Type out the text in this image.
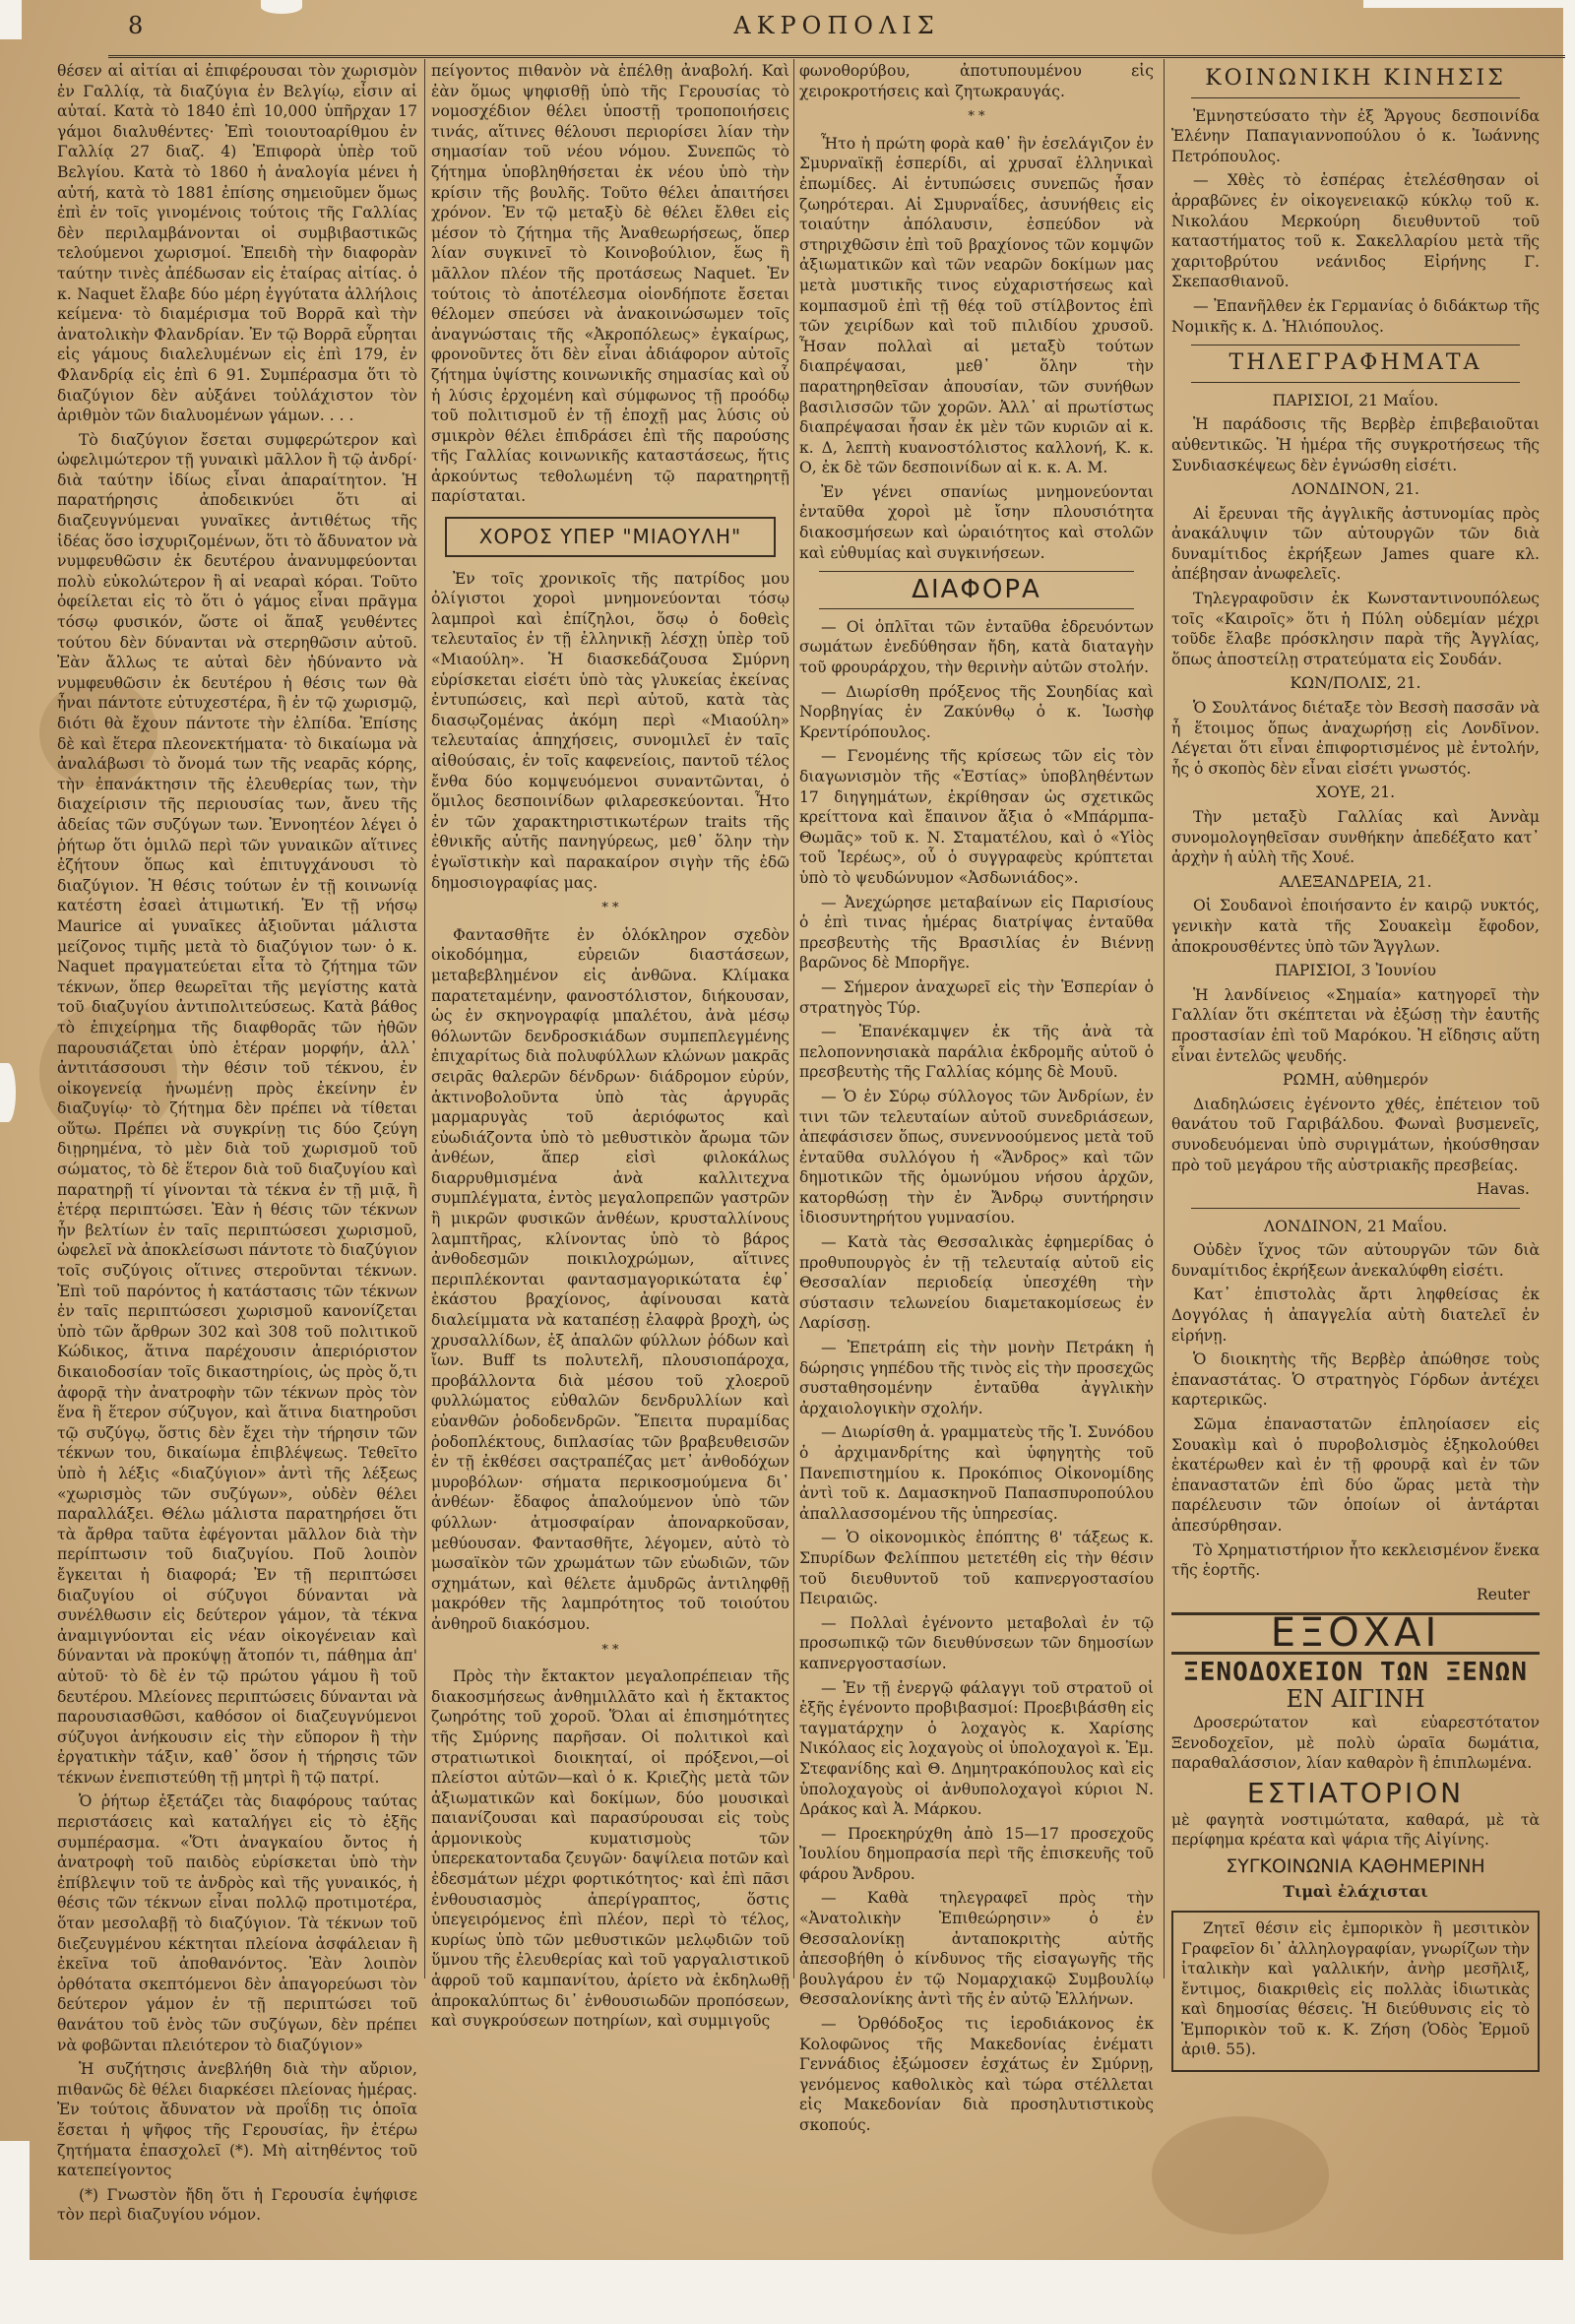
8	ΑΚΡΟΠΟΛΙΣ

θέσεν αἱ αἰτίαι αἱ ἐπιφέρουσαι τὸν χωρισμὸν ἐν Γαλλίᾳ, τὰ διαζύγια ἐν Βελγίῳ, εἶσιν αἱ αὐταί. Κατὰ τὸ 1840 ἐπὶ 10,000 ὑπῆρχαν 17 γάμοι διαλυθέντες· Ἐπὶ τοιουτοαρίθμου ἐν Γαλλίᾳ 27 διαζ. 4) Ἐπιφορὰ ὑπὲρ τοῦ Βελγίου. Κατὰ τὸ 1860 ἡ ἀναλογία μένει ἡ αὐτή, κατὰ τὸ 1881 ἐπίσης σημειοῦμεν ὅμως ἐπὶ ἐν τοῖς γινομένοις τούτοις τῆς Γαλλίας δὲν περιλαμβάνονται οἱ συμβιβαστικῶς τελούμενοι χωρισμοί. Ἐπειδὴ τὴν διαφορὰν ταύτην τινὲς ἀπέδωσαν εἰς ἑταίρας αἰτίας. ὁ κ. Naquet ἔλαβε δύο μέρη ἐγγύτατα ἀλλήλοις κείμενα· τὸ διαμέρισμα τοῦ Βορρᾶ καὶ τὴν ἀνατολικὴν Φλανδρίαν. Ἐν τῷ Βορρᾶ εὗρηται εἰς γάμους διαλελυμένων εἰς ἐπὶ 179, ἐν Φλανδρίᾳ εἰς ἐπὶ 6 91. Συμπέρασμα ὅτι τὸ διαζύγιον δὲν αὐξάνει τοὐλάχιστον τὸν ἀριθμὸν τῶν διαλυομένων γάμων. . . .

Τὸ διαζύγιον ἔσεται συμφερώτερον καὶ ὠφελιμώτερον τῇ γυναικὶ μᾶλλον ἢ τῷ ἀνδρί· διὰ ταύτην ἰδίως εἶναι ἀπαραίτητον. Ἡ παρατήρησις ἀποδεικνύει ὅτι αἱ διαζευγνύμεναι γυναῖκες ἀντιθέτως τῆς ἰδέας ὅσο ἰσχυριζομένων, ὅτι τὸ ἄδυνατον νὰ νυμφευθῶσιν ἐκ δευτέρου ἀνανυμφεύονται πολὺ εὐκολώτερον ἢ αἱ νεαραὶ κόραι. Τοῦτο ὀφείλεται εἰς τὸ ὅτι ὁ γάμος εἶναι πρᾶγμα τόσῳ φυσικόν, ὥστε οἱ ἅπαξ γευθέντες τούτου δὲν δύνανται νὰ στερηθῶσιν αὐτοῦ. Ἐὰν ἄλλως τε αὐταὶ δὲν ἠδύναντο νὰ νυμφευθῶσιν ἐκ δευτέρου ἡ θέσις των θὰ ἦναι πάντοτε εὐτυχεστέρα, ἢ ἐν τῷ χωρισμῷ, διότι θὰ ἔχουν πάντοτε τὴν ἐλπίδα. Ἐπίσης δὲ καὶ ἕτερα πλεονεκτήματα· τὸ δικαίωμα νὰ ἀναλάβωσι τὸ ὄνομά των τῆς νεαρᾶς κόρης, τὴν ἐπανάκτησιν τῆς ἐλευθερίας των, τὴν διαχείρισιν τῆς περιουσίας των, ἄνευ τῆς ἀδείας τῶν συζύγων των. Ἐννοητέον λέγει ὁ ῥήτωρ ὅτι ὁμιλῶ περὶ τῶν γυναικῶν αἵτινες ἐζήτουν ὅπως καὶ ἐπιτυγχάνουσι τὸ διαζύγιον. Ἡ θέσις τούτων ἐν τῇ κοινωνίᾳ κατέστη ἐσαεὶ ἀτιμωτική. Ἐν τῇ νήσῳ Maurice αἱ γυναῖκες ἀξιοῦνται μάλιστα μείζονος τιμῆς μετὰ τὸ διαζύγιον των· ὁ κ. Naquet πραγματεύεται εἶτα τὸ ζήτημα τῶν τέκνων, ὅπερ θεωρεῖται τῆς μεγίστης κατὰ τοῦ διαζυγίου ἀντιπολιτεύσεως. Κατὰ βάθος τὸ ἐπιχείρημα τῆς διαφθορᾶς τῶν ἠθῶν παρουσιάζεται ὑπὸ ἑτέραν μορφήν, ἀλλ᾽ ἀντιτάσσουσι τὴν θέσιν τοῦ τέκνου, ἐν οἰκογενείᾳ ἡνωμένῃ πρὸς ἐκείνην ἐν διαζυγίῳ· τὸ ζήτημα δὲν πρέπει νὰ τίθεται οὕτω. Πρέπει νὰ συγκρίνῃ τις δύο ζεύγη διῃρημένα, τὸ μὲν διὰ τοῦ χωρισμοῦ τοῦ σώματος, τὸ δὲ ἕτερον διὰ τοῦ διαζυγίου καὶ παρατηρῇ τί γίνονται τὰ τέκνα ἐν τῇ μιᾷ, ἢ ἑτέρᾳ περιπτώσει. Ἐὰν ἡ θέσις τῶν τέκνων ἦν βελτίων ἐν ταῖς περιπτώσεσι χωρισμοῦ, ὠφελεῖ νὰ ἀποκλείσωσι πάντοτε τὸ διαζύγιον τοῖς συζύγοις οἵτινες στεροῦνται τέκνων. Ἐπὶ τοῦ παρόντος ἡ κατάστασις τῶν τέκνων ἐν ταῖς περιπτώσεσι χωρισμοῦ κανονίζεται ὑπὸ τῶν ἄρθρων 302 καὶ 308 τοῦ πολιτικοῦ Κώδικος, ἅτινα παρέχουσιν ἀπεριόριστον δικαιοδοσίαν τοῖς δικαστηρίοις, ὡς πρὸς ὅ,τι ἀφορᾷ τὴν ἀνατροφὴν τῶν τέκνων πρὸς τὸν ἕνα ἢ ἕτερον σύζυγον, καὶ ἅτινα διατηροῦσι τῷ συζύγῳ, ὅστις δὲν ἔχει τὴν τήρησιν τῶν τέκνων του, δικαίωμα ἐπιβλέψεως. Τεθεῖτο ὑπὸ ἡ λέξις «διαζύγιον» ἀντὶ τῆς λέξεως «χωρισμὸς τῶν συζύγων», οὐδὲν θέλει παραλλάξει. Θέλω μάλιστα παρατηρήσει ὅτι τὰ ἄρθρα ταῦτα ἐφέγονται μᾶλλον διὰ τὴν περίπτωσιν τοῦ διαζυγίου. Ποῦ λοιπὸν ἔγκειται ἡ διαφορά; Ἐν τῇ περιπτώσει διαζυγίου οἱ σύζυγοι δύνανται νὰ συνέλθωσιν εἰς δεύτερον γάμον, τὰ τέκνα ἀναμιγνύονται εἰς νέαν οἰκογένειαν καὶ δύνανται νὰ προκύψῃ ἄτοπόν τι, πάθημα ἀπ' αὐτοῦ· τὸ δὲ ἐν τῷ πρώτου γάμου ἢ τοῦ δευτέρου. Μλείονες περιπτώσεις δύνανται νὰ παρουσιασθῶσι, καθόσον οἱ διαζευγνύμενοι σύζυγοι ἀνήκουσιν εἰς τὴν εὔπορον ἢ τὴν ἐργατικὴν τάξιν, καθ᾽ ὅσον ἡ τήρησις τῶν τέκνων ἐνεπιστεύθη τῇ μητρὶ ἢ τῷ πατρί.

Ὁ ῥήτωρ ἐξετάζει τὰς διαφόρους ταύτας περιστάσεις καὶ καταλήγει εἰς τὸ ἑξῆς συμπέρασμα. «Ὅτι ἀναγκαίου ὄντος ἡ ἀνατροφὴ τοῦ παιδὸς εὐρίσκεται ὑπὸ τὴν ἐπίβλεψιν τοῦ τε ἀνδρὸς καὶ τῆς γυναικός, ἡ θέσις τῶν τέκνων εἶναι πολλῷ προτιμοτέρα, ὅταν μεσολαβῇ τὸ διαζύγιον. Τὰ τέκνων τοῦ διεζευγμένου κέκτηται πλείονα ἀσφάλειαν ἢ ἐκεῖνα τοῦ ἀποθανόντος. Ἐὰν λοιπὸν ὀρθότατα σκεπτόμενοι δὲν ἀπαγορεύωσι τὸν δεύτερον γάμον ἐν τῇ περιπτώσει τοῦ θανάτου τοῦ ἑνὸς τῶν συζύγων, δὲν πρέπει νὰ φοβῶνται πλειότερον τὸ διαζύγιον»

Ἡ συζήτησις ἀνεβλήθη διὰ τὴν αὔριον, πιθανῶς δὲ θέλει διαρκέσει πλείονας ἡμέρας. Ἐν τούτοις ἄδυνατον νὰ προΐδῃ τις ὁποῖα ἔσεται ἡ ψῆφος τῆς Γερουσίας, ἣν ἐτέρω ζητήματα ἐπασχολεῖ (*). Μὴ αἰτηθέντος τοῦ κατεπείγοντος

(*) Γνωστὸν ἤδη ὅτι ἡ Γερουσία ἐψήφισε τὸν περὶ διαζυγίου νόμον.

πείγοντος πιθανὸν νὰ ἐπέλθῃ ἀναβολή. Καὶ ἐὰν ὅμως ψηφισθῇ ὑπὸ τῆς Γερουσίας τὸ νομοσχέδιον θέλει ὑποστῇ τροποποιήσεις τινάς, αἵτινες θέλουσι περιορίσει λίαν τὴν σημασίαν τοῦ νέου νόμου. Συνεπῶς τὸ ζήτημα ὑποβληθήσεται ἐκ νέου ὑπὸ τὴν κρίσιν τῆς βουλῆς. Τοῦτο θέλει ἀπαιτήσει χρόνον. Ἐν τῷ μεταξὺ δὲ θέλει ἔλθει εἰς μέσον τὸ ζήτημα τῆς Ἀναθεωρήσεως, ὅπερ λίαν συγκινεῖ τὸ Κοινοβούλιον, ἕως ἢ μᾶλλον πλέον τῆς προτάσεως Naquet. Ἐν τούτοις τὸ ἀποτέλεσμα οἱονδήποτε ἔσεται θέλομεν σπεύσει νὰ ἀνακοινώσωμεν τοῖς ἀναγνώσταις τῆς «Ἀκροπόλεως» ἐγκαίρως, φρονοῦντες ὅτι δὲν εἶναι ἀδιάφορον αὐτοῖς ζήτημα ὑψίστης κοινωνικῆς σημασίας καὶ οὗ ἡ λύσις ἐρχομένη καὶ σύμφωνος τῇ προόδῳ τοῦ πολιτισμοῦ ἐν τῇ ἐποχῇ μας λύσις οὐ σμικρὸν θέλει ἐπιδράσει ἐπὶ τῆς παρούσης τῆς Γαλλίας κοινωνικῆς καταστάσεως, ἥτις ἀρκούντως τεθολωμένη τῷ παρατηρητῇ παρίσταται.

ΧΟΡΟΣ ΥΠΕΡ "ΜΙΑΟΥΛΗ"

Ἐν τοῖς χρονικοῖς τῆς πατρίδος μου ὀλίγιστοι χοροὶ μνημονεύονται τόσῳ λαμπροὶ καὶ ἐπίζηλοι, ὅσῳ ὁ δοθεὶς τελευταῖος ἐν τῇ ἑλληνικῇ λέσχῃ ὑπὲρ τοῦ «Μιαούλη». Ἡ διασκεδάζουσα Σμύρνη εὑρίσκεται εἰσέτι ὑπὸ τὰς γλυκείας ἐκείνας ἐντυπώσεις, καὶ περὶ αὐτοῦ, κατὰ τὰς διασῳζομένας ἀκόμη περὶ «Μιαούλη» τελευταίας ἀπηχήσεις, συνομιλεῖ ἐν ταῖς αἰθούσαις, ἐν τοῖς καφενείοις, παντοῦ τέλος ἔνθα δύο κομψευόμενοι συναντῶνται, ὁ ὅμιλος δεσποινίδων φιλαρεσκεύονται. Ἦτο ἐν τῶν χαρακτηριστικωτέρων traits τῆς ἐθνικῆς αὐτῆς πανηγύρεως, μεθ᾽ ὅλην τὴν ἐγωϊστικὴν καὶ παρακαίρον σιγὴν τῆς ἐδῶ δημοσιογραφίας μας.

* *

Φαντασθῆτε ἐν ὁλόκληρον σχεδὸν οἰκοδόμημα, εὐρειῶν διαστάσεων, μεταβεβλημένον εἰς ἀνθῶνα. Κλίμακα παρατεταμένην, φανοστόλιστον, διήκουσαν, ὡς ἐν σκηνογραφίᾳ μπαλέτου, ἀνὰ μέσῳ θόλωντῶν δενδροσκιάδων συμπεπλεγμένης ἐπιχαρίτως διὰ πολυφύλλων κλώνων μακρᾶς σειρᾶς θαλερῶν δένδρων· διάδρομον εὐρύν, ἀκτινοβολοῦντα ὑπὸ τὰς ἀργυρᾶς μαρμαρυγὰς τοῦ ἀεριόφωτος καὶ εὐωδιάζοντα ὑπὸ τὸ μεθυστικὸν ἄρωμα τῶν ἀνθέων, ἅπερ εἰσὶ φιλοκάλως διαρρυθμισμένα ἀνὰ καλλιτεχνα συμπλέγματα, ἐντὸς μεγαλοπρεπῶν γαστρῶν ἢ μικρῶν φυσικῶν ἀνθέων, κρυσταλλίνους λαμπτῆρας, κλίνοντας ὑπὸ τὸ βάρος ἀνθοδεσμῶν ποικιλοχρώμων, αἵτινες περιπλέκονται φαντασμαγορικώτατα ἐφ᾽ ἑκάστου βραχίονος, ἀφίνουσαι κατὰ διαλείμματα νὰ καταπέσῃ ἐλαφρὰ βροχὴ, ὡς χρυσαλλίδων, ἐξ ἁπαλῶν φύλλων ῥόδων καὶ ἴων. Buff ts πολυτελῆ, πλουσιοπάροχα, προβάλλοντα διὰ μέσου τοῦ χλοεροῦ φυλλώματος εὐθαλῶν δενδρυλλίων καὶ εὐανθῶν ῥοδοδενδρῶν. Ἔπειτα πυραμίδας ῥοδοπλέκτους, διπλασίας τῶν βραβευθεισῶν ἐν τῇ ἐκθέσει σαςτραπέζας μετ᾽ ἀνθοδόχων μυροβόλων· σήματα περικοσμούμενα δι᾽ ἀνθέων· ἔδαφος ἁπαλούμενον ὑπὸ τῶν φύλλων· ἀτμοσφαίραν ἀποναρκοῦσαν, μεθύουσαν. Φαντασθῆτε, λέγομεν, αὐτὸ τὸ μωσαϊκὸν τῶν χρωμάτων τῶν εὐωδιῶν, τῶν σχημάτων, καὶ θέλετε ἀμυδρῶς ἀντιληφθῇ μακρόθεν τῆς λαμπρότητος τοῦ τοιούτου ἀνθηροῦ διακόσμου.

* *

Πρὸς τὴν ἔκτακτον μεγαλοπρέπειαν τῆς διακοσμήσεως ἀνθημιλλᾶτο καὶ ἡ ἔκτακτος ζωηρότης τοῦ χοροῦ. Ὅλαι αἱ ἐπισημότητες τῆς Σμύρνης παρῆσαν. Οἱ πολιτικοὶ καὶ στρατιωτικοὶ διοικηταί, οἱ πρόξενοι,—οἱ πλείστοι αὐτῶν—καὶ ὁ κ. Κριεζὴς μετὰ τῶν ἀξιωματικῶν καὶ δοκίμων, δύο μουσικαὶ παιανίζουσαι καὶ παρασύρουσαι εἰς τοὺς ἁρμονικοὺς κυματισμοὺς τῶν ὑπερεκατονταδα ζευγῶν· δαψίλεια ποτῶν καὶ ἐδεσμάτων μέχρι φορτικότητος· καὶ ἐπὶ πᾶσι ἐνθουσιασμὸς ἀπερίγραπτος, ὅστις ὑπεγειρόμενος ἐπὶ πλέον, περὶ τὸ τέλος, κυρίως ὑπὸ τῶν μεθυστικῶν μελῳδιῶν τοῦ ὕμνου τῆς ἐλευθερίας καὶ τοῦ γαργαλιστικοῦ ἀφροῦ τοῦ καμπανίτου, ἀρίετο νὰ ἐκδηλωθῇ ἀπροκαλύπτως δι᾽ ἐνθουσιωδῶν προπόσεων, καὶ συγκρούσεων ποτηρίων, καὶ συμμιγοῦς

φωνοθορύβου, ἀποτυπουμένου εἰς χειροκροτήσεις καὶ ζητωκραυγάς.

* *

Ἦτο ἡ πρώτη φορὰ καθ᾽ ἣν ἐσελάγιζον ἐν Σμυρναϊκῇ ἑσπερίδι, αἱ χρυσαῖ ἑλληνικαὶ ἐπωμίδες. Αἱ ἐντυπώσεις συνεπῶς ἦσαν ζωηρότεραι. Αἱ Σμυρναΐδες, ἀσυνήθεις εἰς τοιαύτην ἀπόλαυσιν, ἐσπεύδον νὰ στηριχθῶσιν ἐπὶ τοῦ βραχίονος τῶν κομψῶν ἀξιωματικῶν καὶ τῶν νεαρῶν δοκίμων μας μετὰ μυστικῆς τινος εὐχαριστήσεως καὶ κομπασμοῦ ἐπὶ τῇ θέᾳ τοῦ στίλβοντος ἐπὶ τῶν χειρίδων καὶ τοῦ πιλιδίου χρυσοῦ. Ἦσαν πολλαὶ αἱ μεταξὺ τούτων διαπρέψασαι, μεθ᾽ ὅλην τὴν παρατηρηθεῖσαν ἀπουσίαν, τῶν συνήθων βασιλισσῶν τῶν χορῶν. Ἀλλ᾽ αἱ πρωτίστως διαπρέψασαι ἦσαν ἐκ μὲν τῶν κυριῶν αἱ κ. κ. Δ, λεπτὴ κυανοστόλιστος καλλονή, Κ. κ. Ο, ἐκ δὲ τῶν δεσποινίδων αἱ κ. κ. Α. Μ.

Ἐν γένει σπανίως μνημονεύονται ἐνταῦθα χοροὶ μὲ ἴσην πλουσιότητα διακοσμήσεων καὶ ὡραιότητος καὶ στολῶν καὶ εὐθυμίας καὶ συγκινήσεων.

ΔΙΑΦΟΡΑ

— Οἱ ὁπλῖται τῶν ἐνταῦθα ἑδρευόντων σωμάτων ἐνεδύθησαν ἤδη, κατὰ διαταγὴν τοῦ φρουράρχου, τὴν θερινὴν αὐτῶν στολήν.

— Διωρίσθη πρόξενος τῆς Σουηδίας καὶ Νορβηγίας ἐν Ζακύνθῳ ὁ κ. Ἰωσὴφ Κρεντίρόπουλος.

— Γενομένης τῆς κρίσεως τῶν εἰς τὸν διαγωνισμὸν τῆς «Ἑστίας» ὑποβληθέντων 17 διηγημάτων, ἐκρίθησαν ὡς σχετικῶς κρείττονα καὶ ἔπαινον ἄξια ὁ «Μπάρμπα-Θωμᾶς» τοῦ κ. Ν. Σταματέλου, καὶ ὁ «Υἱὸς τοῦ Ἱερέως», οὗ ὁ συγγραφεὺς κρύπτεται ὑπὸ τὸ ψευδώνυμον «Ἀσδωνιάδος».

— Ἀνεχώρησε μεταβαίνων εἰς Παρισίους ὁ ἐπὶ τινας ἡμέρας διατρίψας ἐνταῦθα πρεσβευτὴς τῆς Βρασιλίας ἐν Βιέννῃ βαρῶνος δὲ Μπορῆγε.

— Σήμερον ἀναχωρεῖ εἰς τὴν Ἑσπερίαν ὁ στρατηγὸς Τύρ.

— Ἐπανέκαμψεν ἐκ τῆς ἀνὰ τὰ πελοποννησιακὰ παράλια ἐκδρομῆς αὐτοῦ ὁ πρεσβευτὴς τῆς Γαλλίας κόμης δὲ Μουῦ.

— Ὁ ἐν Σύρῳ σύλλογος τῶν Ἀνδρίων, ἐν τινι τῶν τελευταίων αὐτοῦ συνεδριάσεων, ἀπεφάσισεν ὅπως, συνεννοούμενος μετὰ τοῦ ἐνταῦθα συλλόγου ἡ «Ἄνδρος» καὶ τῶν δημοτικῶν τῆς ὁμωνύμου νήσου ἀρχῶν, κατορθώσῃ τὴν ἐν Ἄνδρῳ συντήρησιν ἰδιοσυντηρήτου γυμνασίου.

— Κατὰ τὰς Θεσσαλικὰς ἐφημερίδας ὁ προθυπουργὸς ἐν τῇ τελευταίᾳ αὐτοῦ εἰς Θεσσαλίαν περιοδείᾳ ὑπεσχέθη τὴν σύστασιν τελωνείου διαμετακομίσεως ἐν Λαρίσσῃ.

— Ἐπετράπη εἰς τὴν μονὴν Πετράκη ἡ δώρησις γηπέδου τῆς τινὸς εἰς τὴν προσεχῶς συσταθησομένην ἐνταῦθα ἀγγλικὴν ἀρχαιολογικὴν σχολήν.

— Διωρίσθη ἀ. γραμματεὺς τῆς Ἰ. Συνόδου ὁ ἀρχιμανδρίτης καὶ ὑφηγητὴς τοῦ Πανεπιστημίου κ. Προκόπιος Οἰκονομίδης ἀντὶ τοῦ κ. Δαμασκηνοῦ Παπασπυροπούλου ἀπαλλασσομένου τῆς ὑπηρεσίας.

— Ὁ οἰκονομικὸς ἐπόπτης ϐ' τάξεως κ. Σπυρίδων Φελίππου μετετέθη εἰς τὴν θέσιν τοῦ διευθυντοῦ τοῦ καπνεργοστασίου Πειραιῶς.

— Πολλαὶ ἐγένοντο μεταβολαὶ ἐν τῷ προσωπικῷ τῶν διευθύνσεων τῶν δημοσίων καπνεργοστασίων.

— Ἐν τῇ ἐνεργῷ φάλαγγι τοῦ στρατοῦ οἱ ἑξῆς ἐγένοντο προβιβασμοί: Προεβιβάσθη εἰς ταγματάρχην ὁ λοχαγὸς κ. Χαρίσης Νικόλαος εἰς λοχαγοὺς οἱ ὑπολοχαγοὶ κ. Ἐμ. Στεφανίδης καὶ Θ. Δημητρακόπουλος καὶ εἰς ὑπολοχαγοὺς οἱ ἀνθυπολοχαγοὶ κύριοι Ν. Δράκος καὶ Ἀ. Μάρκου.

— Προεκηρύχθη ἀπὸ 15—17 προσεχοῦς Ἰουλίου δημοπρασία περὶ τῆς ἐπισκευῆς τοῦ φάρου Ἄνδρου.

— Καθὰ τηλεγραφεῖ πρὸς τὴν «Ἀνατολικὴν Ἐπιθεώρησιν» ὁ ἐν Θεσσαλονίκῃ ἀνταποκριτὴς αὐτῆς ἀπεσοβήθη ὁ κίνδυνος τῆς εἰσαγωγῆς τῆς βουλγάρου ἐν τῷ Νομαρχιακῷ Συμβουλίῳ Θεσσαλονίκης ἀντὶ τῆς ἐν αὐτῷ Ἑλλήνων.

— Ὀρθόδοξος τις ἱεροδιάκονος ἐκ Κολοφῶνος τῆς Μακεδονίας ἐνέματι Γεννάδιος ἐξώμοσεν ἐσχάτως ἐν Σμύρνῃ, γενόμενος καθολικὸς καὶ τώρα στέλλεται εἰς Μακεδονίαν διὰ προσηλυτιστικοὺς σκοπούς.

ΚΟΙΝΩΝΙΚΗ ΚΙΝΗΣΙΣ

Ἐμνηστεύσατο τὴν ἐξ Ἄργους δεσποινίδα Ἑλένην Παπαγιαννοπούλου ὁ κ. Ἰωάννης Πετρόπουλος.

— Χθὲς τὸ ἑσπέρας ἐτελέσθησαν οἱ ἀρραβῶνες ἐν οἰκογενειακῷ κύκλῳ τοῦ κ. Νικολάου Μερκούρη διευθυντοῦ τοῦ καταστήματος τοῦ κ. Σακελλαρίου μετὰ τῆς χαριτοβρύτου νεάνιδος Εἰρήνης Γ. Σκεπασθιανοῦ.

— Ἐπανῆλθεν ἐκ Γερμανίας ὁ διδάκτωρ τῆς Νομικῆς κ. Δ. Ἠλιόπουλος.

ΤΗΛΕΓΡΑΦΗΜΑΤΑ
ΠΑΡΙΣΙΟΙ, 21 Μαΐου.

Ἡ παράδοσις τῆς Βερβὲρ ἐπιβεβαιοῦται αὐθεντικῶς. Ἡ ἡμέρα τῆς συγκροτήσεως τῆς Συνδιασκέψεως δὲν ἐγνώσθη εἰσέτι.

ΛΟΝΔΙΝΟΝ, 21.

Αἱ ἔρευναι τῆς ἀγγλικῆς ἀστυνομίας πρὸς ἀνακάλυψιν τῶν αὐτουργῶν τῶν διὰ δυναμίτιδος ἐκρήξεων James quare κλ. ἀπέβησαν ἀνωφελεῖς.

Τηλεγραφοῦσιν ἐκ Κωνσταντινουπόλεως τοῖς «Καιροῖς» ὅτι ἡ Πύλη οὐδεμίαν μέχρι τοῦδε ἔλαβε πρόσκλησιν παρὰ τῆς Ἀγγλίας, ὅπως ἀποστείλῃ στρατεύματα εἰς Σουδάν.

ΚΩΝ/ΠΟΛΙΣ, 21.

Ὁ Σουλτάνος διέταξε τὸν Βεσσὴ πασσᾶν νὰ ἦ ἕτοιμος ὅπως ἀναχωρήσῃ εἰς Λονδῖνον. Λέγεται ὅτι εἶναι ἐπιφορτισμένος μὲ ἐντολήν, ἧς ὁ σκοπὸς δὲν εἶναι εἰσέτι γνωστός.

ΧΟΥΕ, 21.

Τὴν μεταξὺ Γαλλίας καὶ Ἀννὰμ συνομολογηθεῖσαν συνθήκην ἀπεδέξατο κατ᾽ ἀρχὴν ἡ αὐλὴ τῆς Χουέ.

ΑΛΕΞΑΝΔΡΕΙΑ, 21.

Οἱ Σουδανοὶ ἐποιήσαντο ἐν καιρῷ νυκτός, γενικὴν κατὰ τῆς Σουακεὶμ ἔφοδον, ἀποκρουσθέντες ὑπὸ τῶν Ἄγγλων.

ΠΑΡΙΣΙΟΙ, 3 Ἰουνίου

Ἡ λανδίνειος «Σημαία» κατηγορεῖ τὴν Γαλλίαν ὅτι σκέπτεται νὰ ἐξώσῃ τὴν ἑαυτῆς προστασίαν ἐπὶ τοῦ Μαρόκου. Ἡ εἴδησις αὕτη εἶναι ἐντελῶς ψευδής.

ΡΩΜΗ, αὐθημερόν

Διαδηλώσεις ἐγένοντο χθές, ἐπέτειον τοῦ θανάτου τοῦ Γαριβάλδου. Φωναὶ βυσμενεῖς, συνοδευόμεναι ὑπὸ συριγμάτων, ἠκούσθησαν πρὸ τοῦ μεγάρου τῆς αὐστριακῆς πρεσβείας.

Havas.
ΛΟΝΔΙΝΟΝ, 21 Μαΐου.

Οὐδὲν ἴχνος τῶν αὐτουργῶν τῶν διὰ δυναμίτιδος ἐκρήξεων ἀνεκαλύφθη εἰσέτι.

Κατ᾽ ἐπιστολὰς ἄρτι ληφθείσας ἐκ Δογγόλας ἡ ἀπαγγελία αὐτὴ διατελεῖ ἐν εἰρήνῃ.

Ὁ διοικητὴς τῆς Βερβὲρ ἀπώθησε τοὺς ἐπαναστάτας. Ὁ στρατηγὸς Γόρδων ἀντέχει καρτερικῶς.

Σῶμα ἐπαναστατῶν ἐπληοίασεν εἰς Σουακὶμ καὶ ὁ πυροβολισμὸς ἐξηκολούθει ἑκατέρωθεν καὶ ἐν τῇ φρουρᾷ καὶ ἐν τῶν ἐπαναστατῶν ἐπὶ δύο ὥρας μετὰ τὴν παρέλευσιν τῶν ὁποίων οἱ ἀντάρται ἀπεσύρθησαν.

Τὸ Χρηματιστήριον ἦτο κεκλεισμένον ἕνεκα τῆς ἑορτῆς.

Reuter
ΕΞΟΧΑΙ
ΞΕΝΟΔΟΧΕΙΟΝ ΤΩΝ ΞΕΝΩΝ
ΕΝ ΑΙΓΙΝΗ

Δροσερώτατον καὶ εὐαρεστότατον Ξενοδοχεῖον, μὲ πολὺ ὡραῖα δωμάτια, παραθαλάσσιον, λίαν καθαρὸν ἢ ἐπιπλωμένα.

ΕΣΤΙΑΤΟΡΙΟΝ

μὲ φαγητὰ νοστιμώτατα, καθαρά, μὲ τὰ περίφημα κρέατα καὶ ψάρια τῆς Αἰγίνης.

ΣΥΓΚΟΙΝΩΝΙΑ ΚΑΘΗΜΕΡΙΝΗ
Τιμαὶ ἐλάχισται

Ζητεῖ θέσιν εἰς ἐμπορικὸν ἢ μεσιτικὸν Γραφεῖον δι᾽ ἀλληλογραφίαν, γνωρίζων τὴν ἰταλικὴν καὶ γαλλικήν, ἀνὴρ μεσῆλιξ, ἔντιμος, διακριθεὶς εἰς πολλὰς ἰδιωτικὰς καὶ δημοσίας θέσεις. Ἡ διεύθυνσις εἰς τὸ Ἐμπορικὸν τοῦ κ. Κ. Ζήση (Ὁδὸς Ἑρμοῦ ἀριθ. 55).
